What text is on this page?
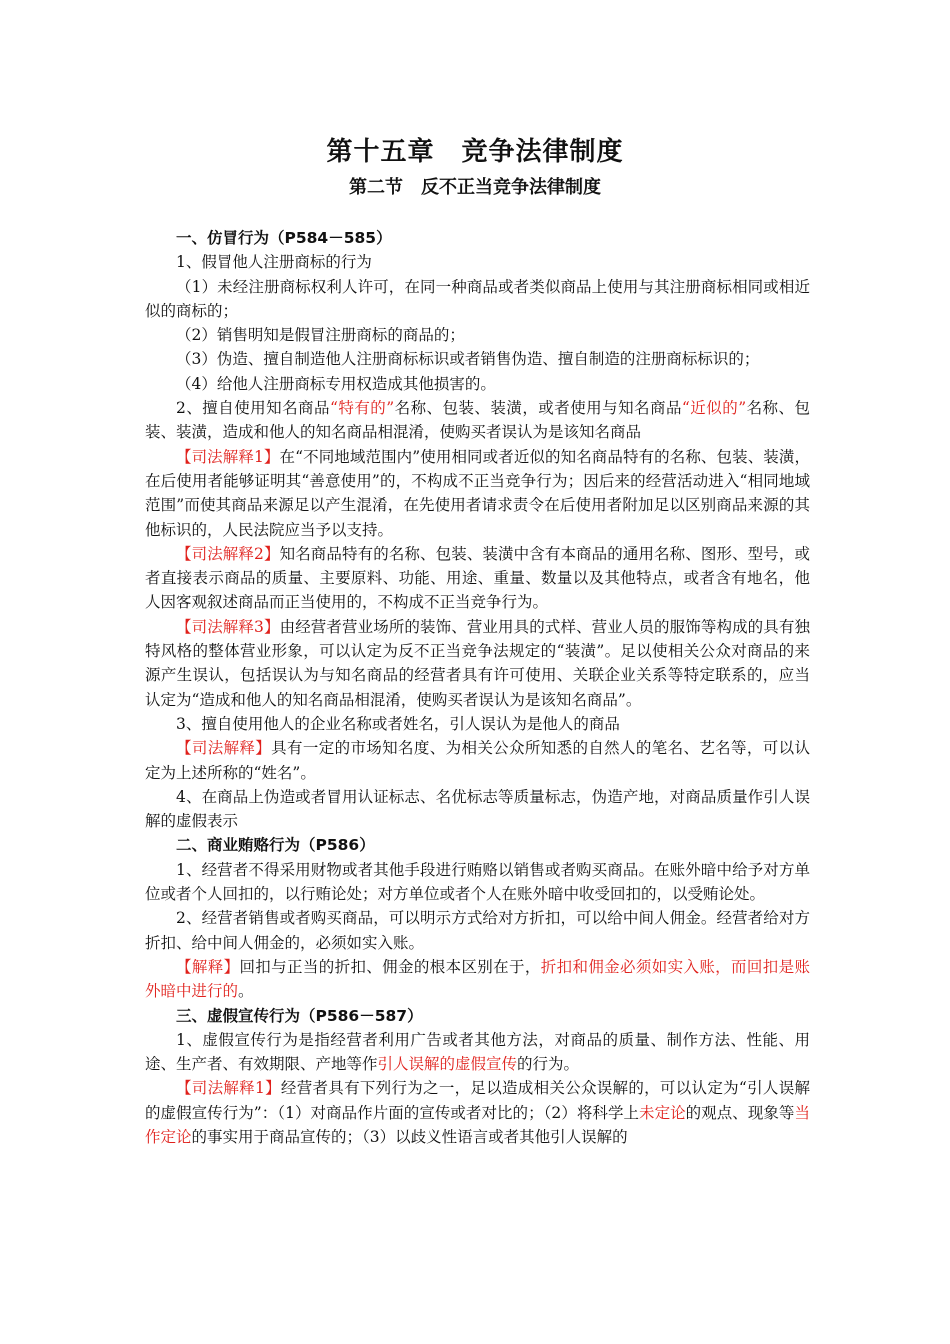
第十五章　竞争法律制度
第二节　反不正当竞争法律制度

一、仿冒行为（P584－585）

1、假冒他人注册商标的行为

（1）未经注册商标权利人许可，在同一种商品或者类似商品上使用与其注册商标相同或相近似的商标的；

（2）销售明知是假冒注册商标的商品的；

（3）伪造、擅自制造他人注册商标标识或者销售伪造、擅自制造的注册商标标识的；

（4）给他人注册商标专用权造成其他损害的。

2、擅自使用知名商品“特有的”名称、包装、装潢，或者使用与知名商品“近似的”名称、包装、装潢，造成和他人的知名商品相混淆，使购买者误认为是该知名商品

【司法解释1】在“不同地域范围内”使用相同或者近似的知名商品特有的名称、包装、装潢，在后使用者能够证明其“善意使用”的，不构成不正当竞争行为；因后来的经营活动进入“相同地域范围”而使其商品来源足以产生混淆，在先使用者请求责令在后使用者附加足以区别商品来源的其他标识的，人民法院应当予以支持。

【司法解释2】知名商品特有的名称、包装、装潢中含有本商品的通用名称、图形、型号，或者直接表示商品的质量、主要原料、功能、用途、重量、数量以及其他特点，或者含有地名，他人因客观叙述商品而正当使用的，不构成不正当竞争行为。

【司法解释3】由经营者营业场所的装饰、营业用具的式样、营业人员的服饰等构成的具有独特风格的整体营业形象，可以认定为反不正当竞争法规定的“装潢”。足以使相关公众对商品的来源产生误认，包括误认为与知名商品的经营者具有许可使用、关联企业关系等特定联系的，应当认定为“造成和他人的知名商品相混淆，使购买者误认为是该知名商品”。

3、擅自使用他人的企业名称或者姓名，引人误认为是他人的商品

【司法解释】具有一定的市场知名度、为相关公众所知悉的自然人的笔名、艺名等，可以认定为上述所称的“姓名”。

4、在商品上伪造或者冒用认证标志、名优标志等质量标志，伪造产地，对商品质量作引人误解的虚假表示

二、商业贿赂行为（P586）

1、经营者不得采用财物或者其他手段进行贿赂以销售或者购买商品。在账外暗中给予对方单位或者个人回扣的，以行贿论处；对方单位或者个人在账外暗中收受回扣的，以受贿论处。

2、经营者销售或者购买商品，可以明示方式给对方折扣，可以给中间人佣金。经营者给对方折扣、给中间人佣金的，必须如实入账。

【解释】回扣与正当的折扣、佣金的根本区别在于，折扣和佣金必须如实入账，而回扣是账外暗中进行的。

三、虚假宣传行为（P586－587）

1、虚假宣传行为是指经营者利用广告或者其他方法，对商品的质量、制作方法、性能、用途、生产者、有效期限、产地等作引人误解的虚假宣传的行为。

【司法解释1】经营者具有下列行为之一，足以造成相关公众误解的，可以认定为“引人误解的虚假宣传行为”：（1）对商品作片面的宣传或者对比的；（2）将科学上未定论的观点、现象等当作定论的事实用于商品宣传的；（3）以歧义性语言或者其他引人误解的
